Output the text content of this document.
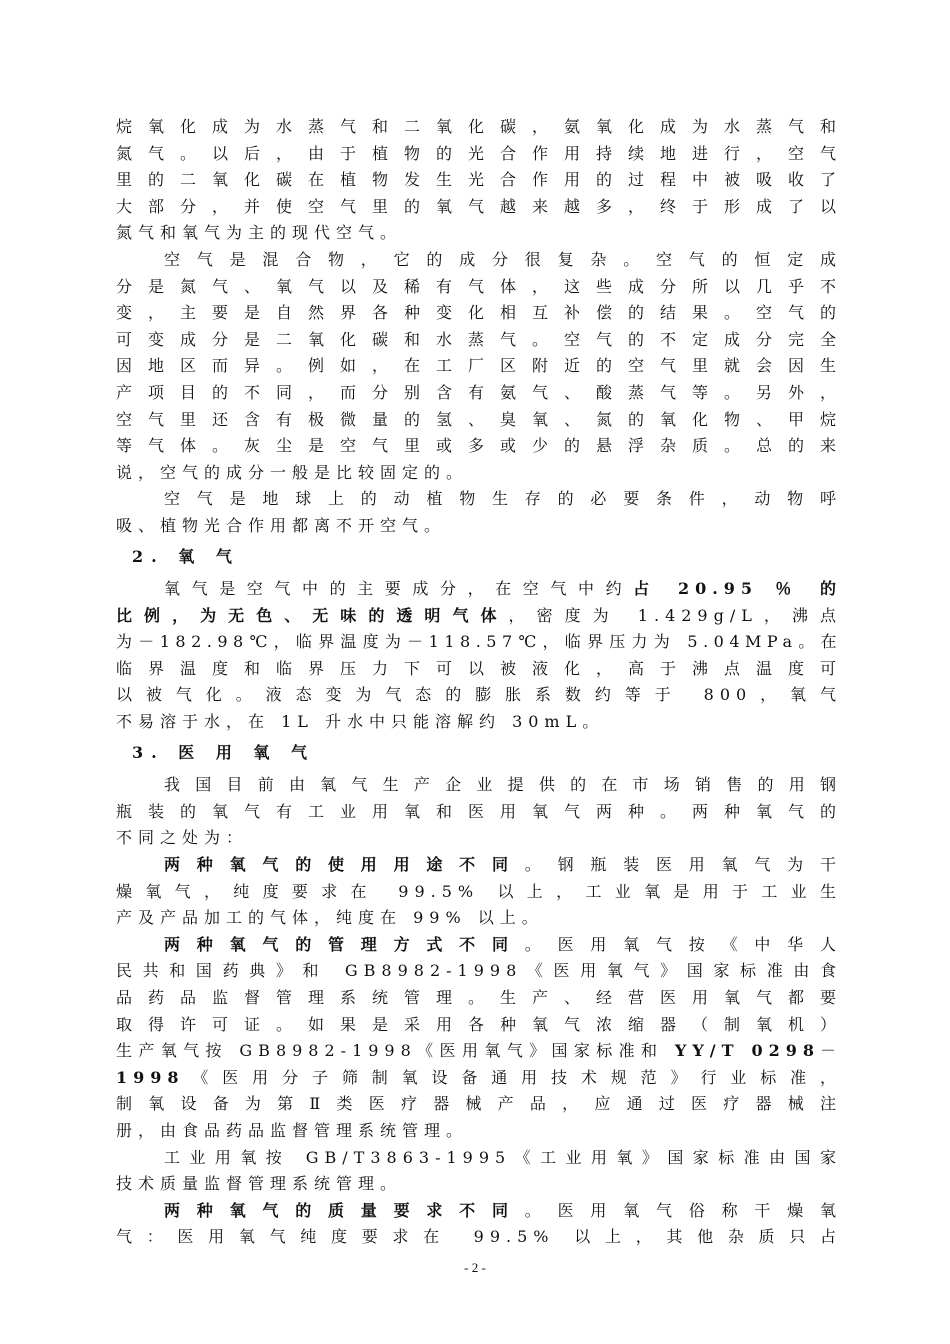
烷氧化成为水蒸气和二氧化碳，氨氧化成为水蒸气和
氮气。以后，由于植物的光合作用持续地进行，空气
里的二氧化碳在植物发生光合作用的过程中被吸收了
大部分，并使空气里的氧气越来越多，终于形成了以
氮气和氧气为主的现代空气。
空气是混合物，它的成分很复杂。空气的恒定成
分是氮气、氧气以及稀有气体，这些成分所以几乎不
变，主要是自然界各种变化相互补偿的结果。空气的
可变成分是二氧化碳和水蒸气。空气的不定成分完全
因地区而异。例如，在工厂区附近的空气里就会因生
产项目的不同，而分别含有氨气、酸蒸气等。另外，
空气里还含有极微量的氢、臭氧、氮的氧化物、甲烷
等气体。灰尘是空气里或多或少的悬浮杂质。总的来
说，空气的成分一般是比较固定的。
空气是地球上的动植物生存的必要条件，动物呼
吸、植物光合作用都离不开空气。
2. 氧 气
氧气是空气中的主要成分，在空气中约占 20.95 ％ 的
比例，为无色、无味的透明气体，密度为 1.429g/L，沸点
为－182.98℃，临界温度为－118.57℃，临界压力为 5.04MPa。在
临界温度和临界压力下可以被液化，高于沸点温度可
以被气化。液态变为气态的膨胀系数约等于 800，氧气
不易溶于水，在 1L 升水中只能溶解约 30mL。
3. 医 用 氧 气
我国目前由氧气生产企业提供的在市场销售的用钢
瓶装的氧气有工业用氧和医用氧气两种。两种氧气的
不同之处为：
两种氧气的使用用途不同。钢瓶装医用氧气为干
燥氧气，纯度要求在 99.5% 以上，工业氧是用于工业生
产及产品加工的气体，纯度在 99% 以上。
两种氧气的管理方式不同。医用氧气按《中华人
民共和国药典》和 GB8982-1998《医用氧气》国家标准由食
品药品监督管理系统管理。生产、经营医用氧气都要
取得许可证。如果是采用各种氧气浓缩器（制氧机）
生产氧气按 GB8982-1998《医用氧气》国家标准和 YY/T 0298－
1998《医用分子筛制氧设备通用技术规范》行业标准，
制氧设备为第Ⅱ类医疗器械产品，应通过医疗器械注
册，由食品药品监督管理系统管理。
工业用氧按 GB/T3863-1995《工业用氧》国家标准由国家
技术质量监督管理系统管理。
两种氧气的质量要求不同。医用氧气俗称干燥氧
气：医用氧气纯度要求在 99.5% 以上，其他杂质只占
- 2 -
